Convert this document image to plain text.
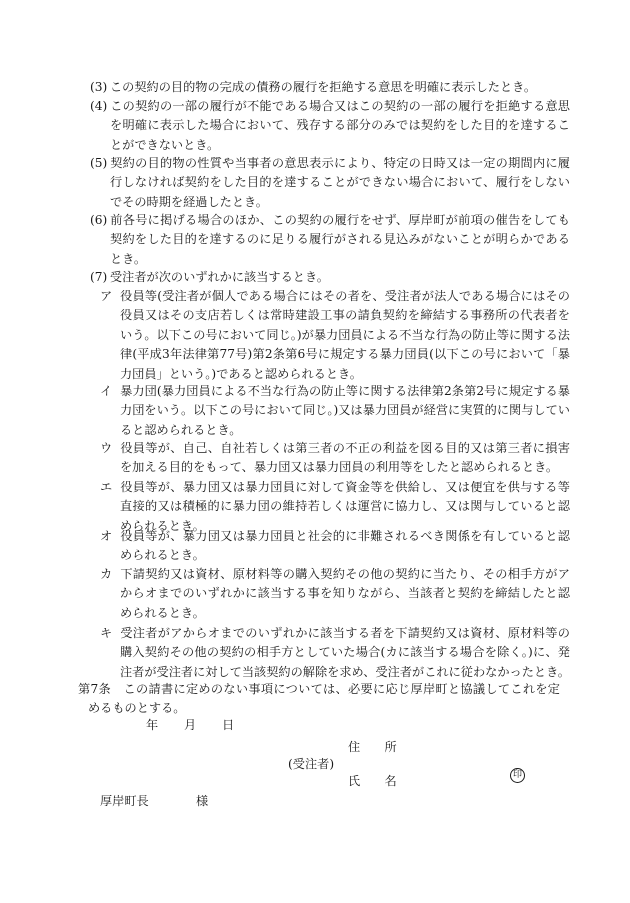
(3) この契約の目的物の完成の債務の履行を拒絶する意思を明確に表示したとき。
(4) この契約の一部の履行が不能である場合又はこの契約の一部の履行を拒絶する意思を明確に表示した場合において、残存する部分のみでは契約をした目的を達することができないとき。
(5) 契約の目的物の性質や当事者の意思表示により、特定の日時又は一定の期間内に履行しなければ契約をした目的を達することができない場合において、履行をしないでその時期を経過したとき。
(6) 前各号に掲げる場合のほか、この契約の履行をせず、厚岸町が前項の催告をしても契約をした目的を達するのに足りる履行がされる見込みがないことが明らかであるとき。
(7) 受注者が次のいずれかに該当するとき。
ア 役員等(受注者が個人である場合にはその者を、受注者が法人である場合にはその役員又はその支店若しくは常時建設工事の請負契約を締結する事務所の代表者をいう。以下この号において同じ。)が暴力団員による不当な行為の防止等に関する法律(平成3年法律第77号)第2条第6号に規定する暴力団員(以下この号において「暴力団員」という。)であると認められるとき。
イ 暴力団(暴力団員による不当な行為の防止等に関する法律第2条第2号に規定する暴力団をいう。以下この号において同じ。)又は暴力団員が経営に実質的に関与していると認められるとき。
ウ 役員等が、自己、自社若しくは第三者の不正の利益を図る目的又は第三者に損害を加える目的をもって、暴力団又は暴力団員の利用等をしたと認められるとき。
エ 役員等が、暴力団又は暴力団員に対して資金等を供給し、又は便宜を供与する等直接的又は積極的に暴力団の維持若しくは運営に協力し、又は関与していると認められるとき。
オ 役員等が、暴力団又は暴力団員と社会的に非難されるべき関係を有していると認められるとき。
カ 下請契約又は資材、原材料等の購入契約その他の契約に当たり、その相手方がアからオまでのいずれかに該当する事を知りながら、当該者と契約を締結したと認められるとき。
キ 受注者がアからオまでのいずれかに該当する者を下請契約又は資材、原材料等の購入契約その他の契約の相手方としていた場合(カに該当する場合を除く。)に、発注者が受注者に対して当該契約の解除を求め、受注者がこれに従わなかったとき。
第7条　この請書に定めのない事項については、必要に応じ厚岸町と協議してこれを定めるものとする。
年 月 日
住　　所
(受注者)
氏　　名	印
厚岸町長	様
